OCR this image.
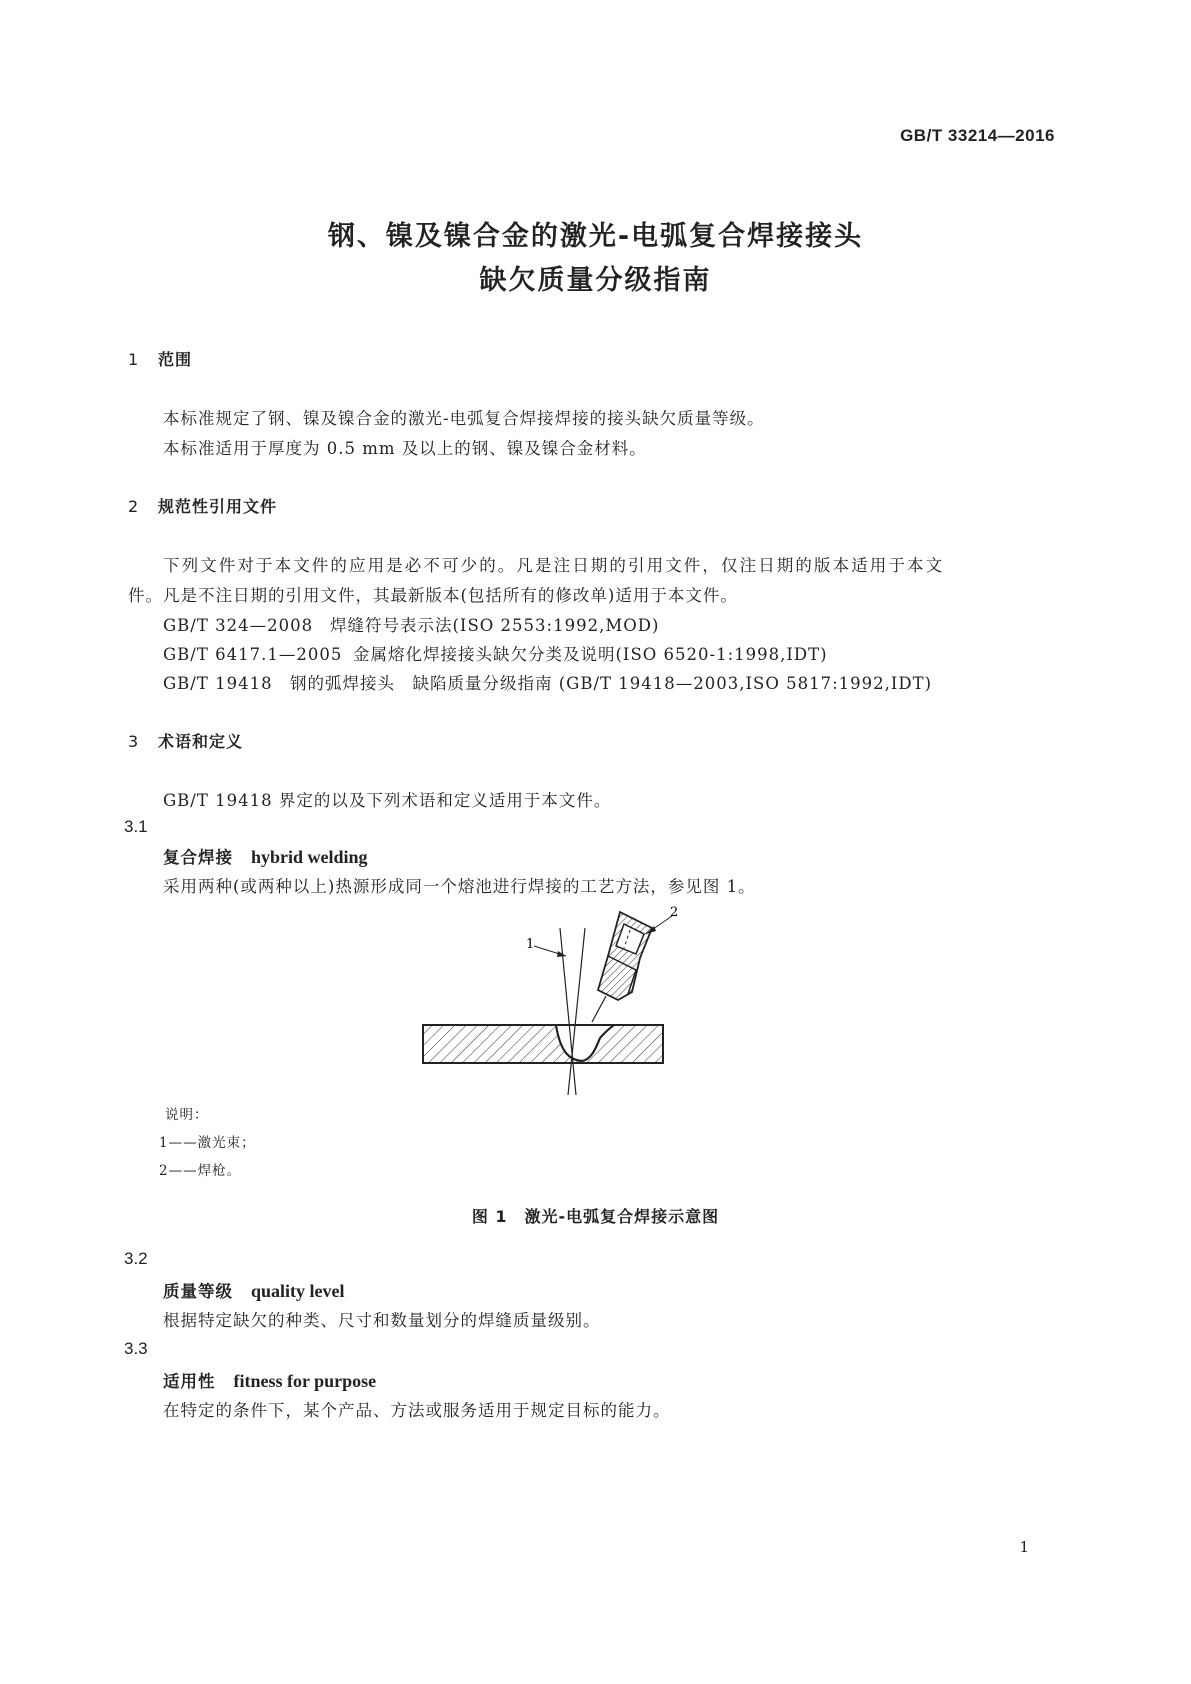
GB/T 33214—2016
钢、镍及镍合金的激光-电弧复合焊接接头
缺欠质量分级指南
1 范围
本标准规定了钢、镍及镍合金的激光-电弧复合焊接焊接的接头缺欠质量等级。
本标准适用于厚度为 0.5 mm 及以上的钢、镍及镍合金材料。
2 规范性引用文件
下列文件对于本文件的应用是必不可少的。凡是注日期的引用文件，仅注日期的版本适用于本文
件。凡是不注日期的引用文件，其最新版本(包括所有的修改单)适用于本文件。
GB/T 324—2008 焊缝符号表示法(ISO 2553:1992,MOD)
GB/T 6417.1—2005 金属熔化焊接接头缺欠分类及说明(ISO 6520-1:1998,IDT)
GB/T 19418 钢的弧焊接头　缺陷质量分级指南 (GB/T 19418—2003,ISO 5817:1992,IDT)
3 术语和定义
GB/T 19418 界定的以及下列术语和定义适用于本文件。
3.1
复合焊接 hybrid welding
采用两种(或两种以上)热源形成同一个熔池进行焊接的工艺方法，参见图 1。
1
2
说明：
1——激光束；
2——焊枪。
图 1　激光-电弧复合焊接示意图
3.2
质量等级 quality level
根据特定缺欠的种类、尺寸和数量划分的焊缝质量级别。
3.3
适用性 fitness for purpose
在特定的条件下，某个产品、方法或服务适用于规定目标的能力。
1
